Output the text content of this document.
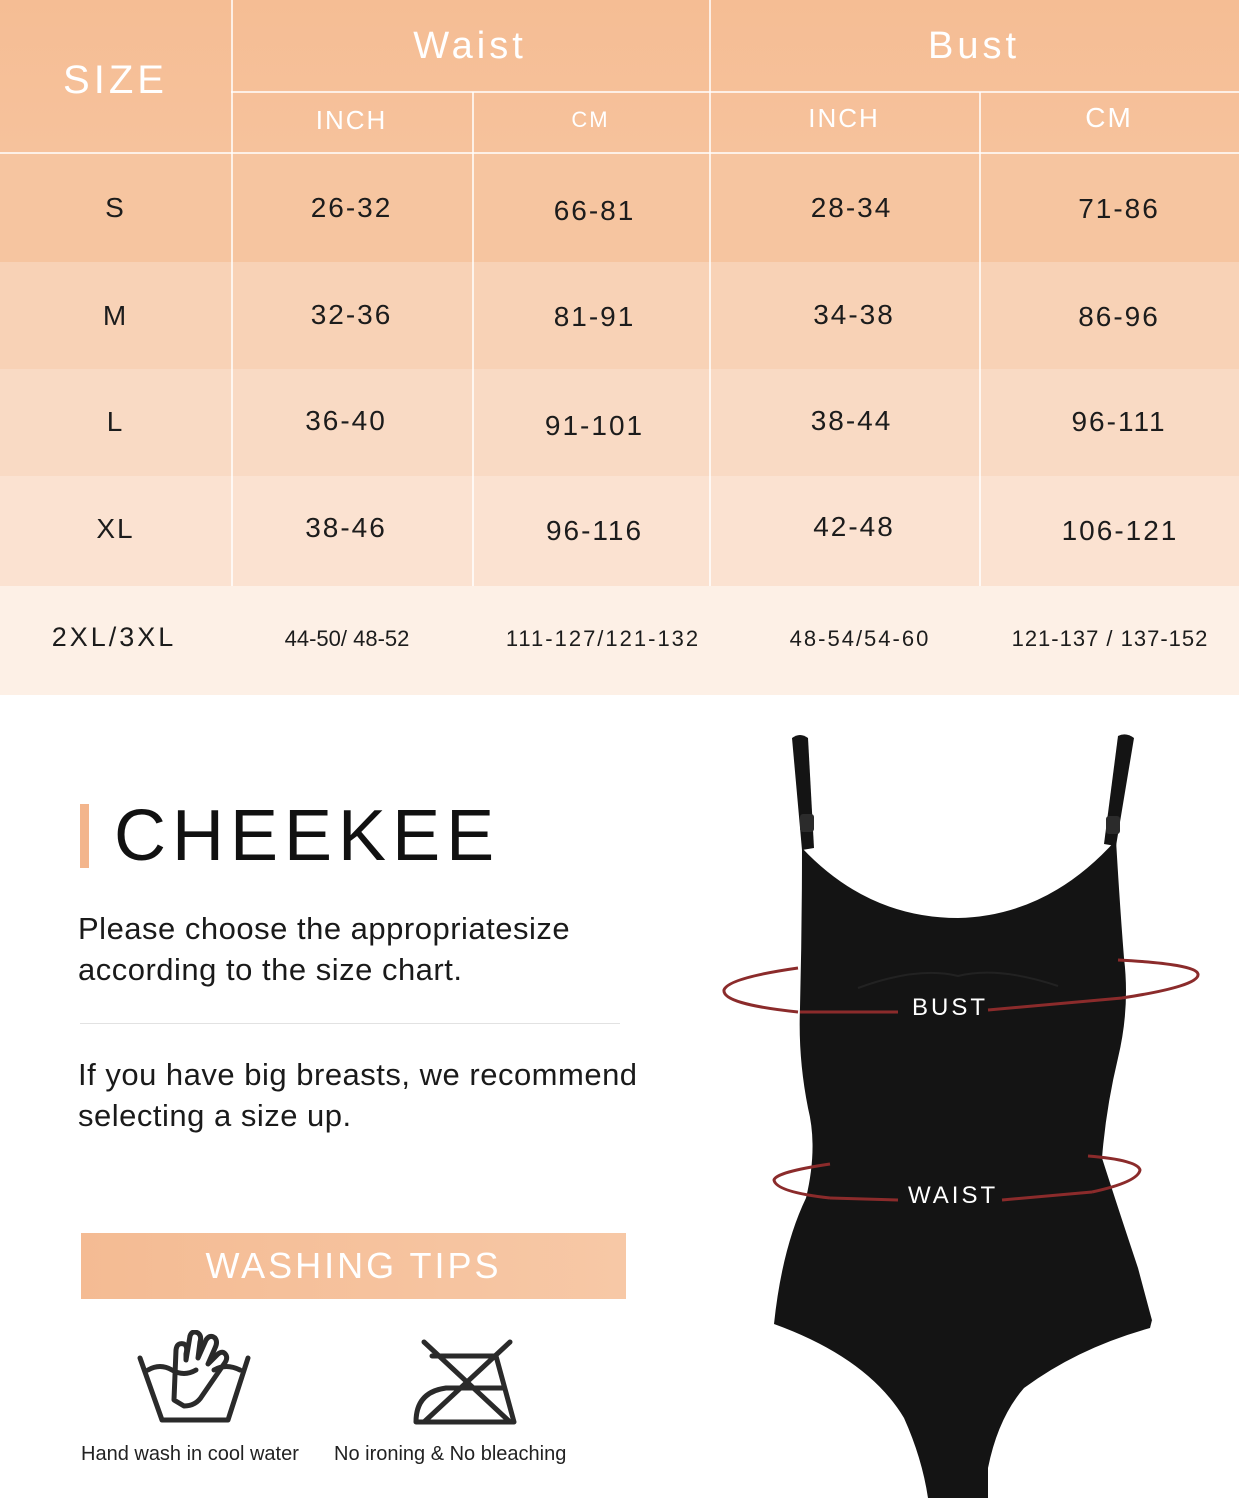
SIZE
Waist	Bust
INCH	CM	INCH	CM
S	26-32	66-81	28-34	71-86
M	32-36	81-91	34-38	86-96
L	36-40	91-101	38-44	96-111
XL	38-46	96-116	42-48	106-121
2XL/3XL	44-50/ 48-52	111-127/121-132	48-54/54-60	121-137 / 137-152
CHEEKEE
Please choose the appropriatesize according to the size chart.
If you have big breasts, we recommend selecting a size up.
WASHING TIPS
Hand wash in cool water No ironing & No bleaching
BUST
WAIST
